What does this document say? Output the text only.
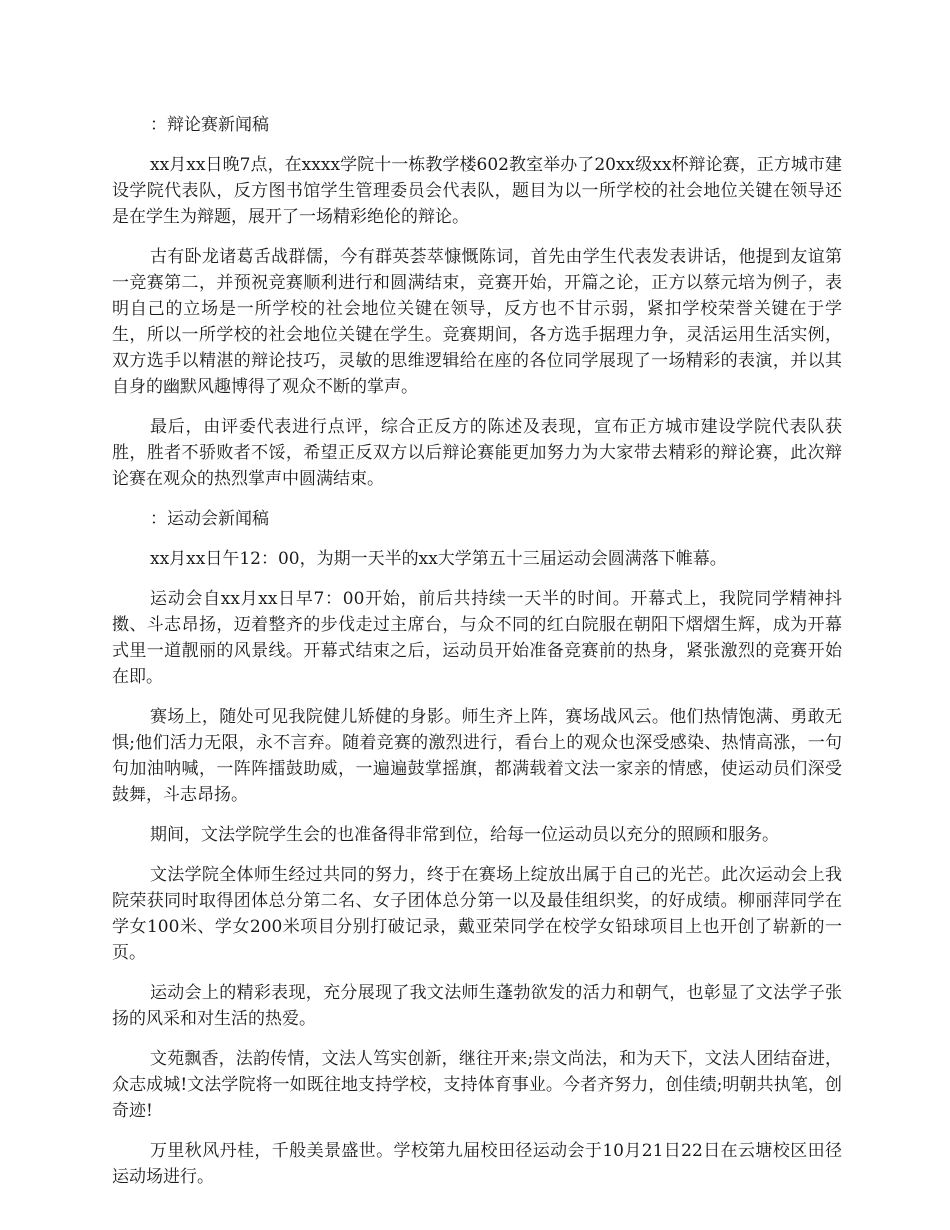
：辩论赛新闻稿

xx月xx日晚7点，在xxxx学院十一栋教学楼602教室举办了20xx级xx杯辩论赛，正方城市建设学院代表队，反方图书馆学生管理委员会代表队，题目为以一所学校的社会地位关键在领导还是在学生为辩题，展开了一场精彩绝伦的辩论。

古有卧龙诸葛舌战群儒，今有群英荟萃慷慨陈词，首先由学生代表发表讲话，他提到友谊第一竞赛第二，并预祝竞赛顺利进行和圆满结束，竞赛开始，开篇之论，正方以蔡元培为例子，表明自己的立场是一所学校的社会地位关键在领导，反方也不甘示弱，紧扣学校荣誉关键在于学生，所以一所学校的社会地位关键在学生。竞赛期间，各方选手据理力争，灵活运用生活实例，双方选手以精湛的辩论技巧，灵敏的思维逻辑给在座的各位同学展现了一场精彩的表演，并以其自身的幽默风趣博得了观众不断的掌声。

最后，由评委代表进行点评，综合正反方的陈述及表现，宣布正方城市建设学院代表队获胜，胜者不骄败者不馁，希望正反双方以后辩论赛能更加努力为大家带去精彩的辩论赛，此次辩论赛在观众的热烈掌声中圆满结束。

：运动会新闻稿

xx月xx日午12：00，为期一天半的xx大学第五十三届运动会圆满落下帷幕。

运动会自xx月xx日早7：00开始，前后共持续一天半的时间。开幕式上，我院同学精神抖擞、斗志昂扬，迈着整齐的步伐走过主席台，与众不同的红白院服在朝阳下熠熠生辉，成为开幕式里一道靓丽的风景线。开幕式结束之后，运动员开始准备竞赛前的热身，紧张激烈的竞赛开始在即。

赛场上，随处可见我院健儿矫健的身影。师生齐上阵，赛场战风云。他们热情饱满、勇敢无惧;他们活力无限，永不言弃。随着竞赛的激烈进行，看台上的观众也深受感染、热情高涨，一句句加油呐喊，一阵阵擂鼓助威，一遍遍鼓掌摇旗，都满载着文法一家亲的情感，使运动员们深受鼓舞，斗志昂扬。

期间，文法学院学生会的也准备得非常到位，给每一位运动员以充分的照顾和服务。

文法学院全体师生经过共同的努力，终于在赛场上绽放出属于自己的光芒。此次运动会上我院荣获同时取得团体总分第二名、女子团体总分第一以及最佳组织奖，的好成绩。柳丽萍同学在学女100米、学女200米项目分别打破记录，戴亚荣同学在校学女铅球项目上也开创了崭新的一页。

运动会上的精彩表现，充分展现了我文法师生蓬勃欲发的活力和朝气，也彰显了文法学子张扬的风采和对生活的热爱。

文苑飘香，法韵传情，文法人笃实创新，继往开来;崇文尚法，和为天下，文法人团结奋进，众志成城!文法学院将一如既往地支持学校，支持体育事业。今者齐努力，创佳绩;明朝共执笔，创奇迹!

万里秋风丹桂，千般美景盛世。学校第九届校田径运动会于10月21日22日在云塘校区田径运动场进行。
